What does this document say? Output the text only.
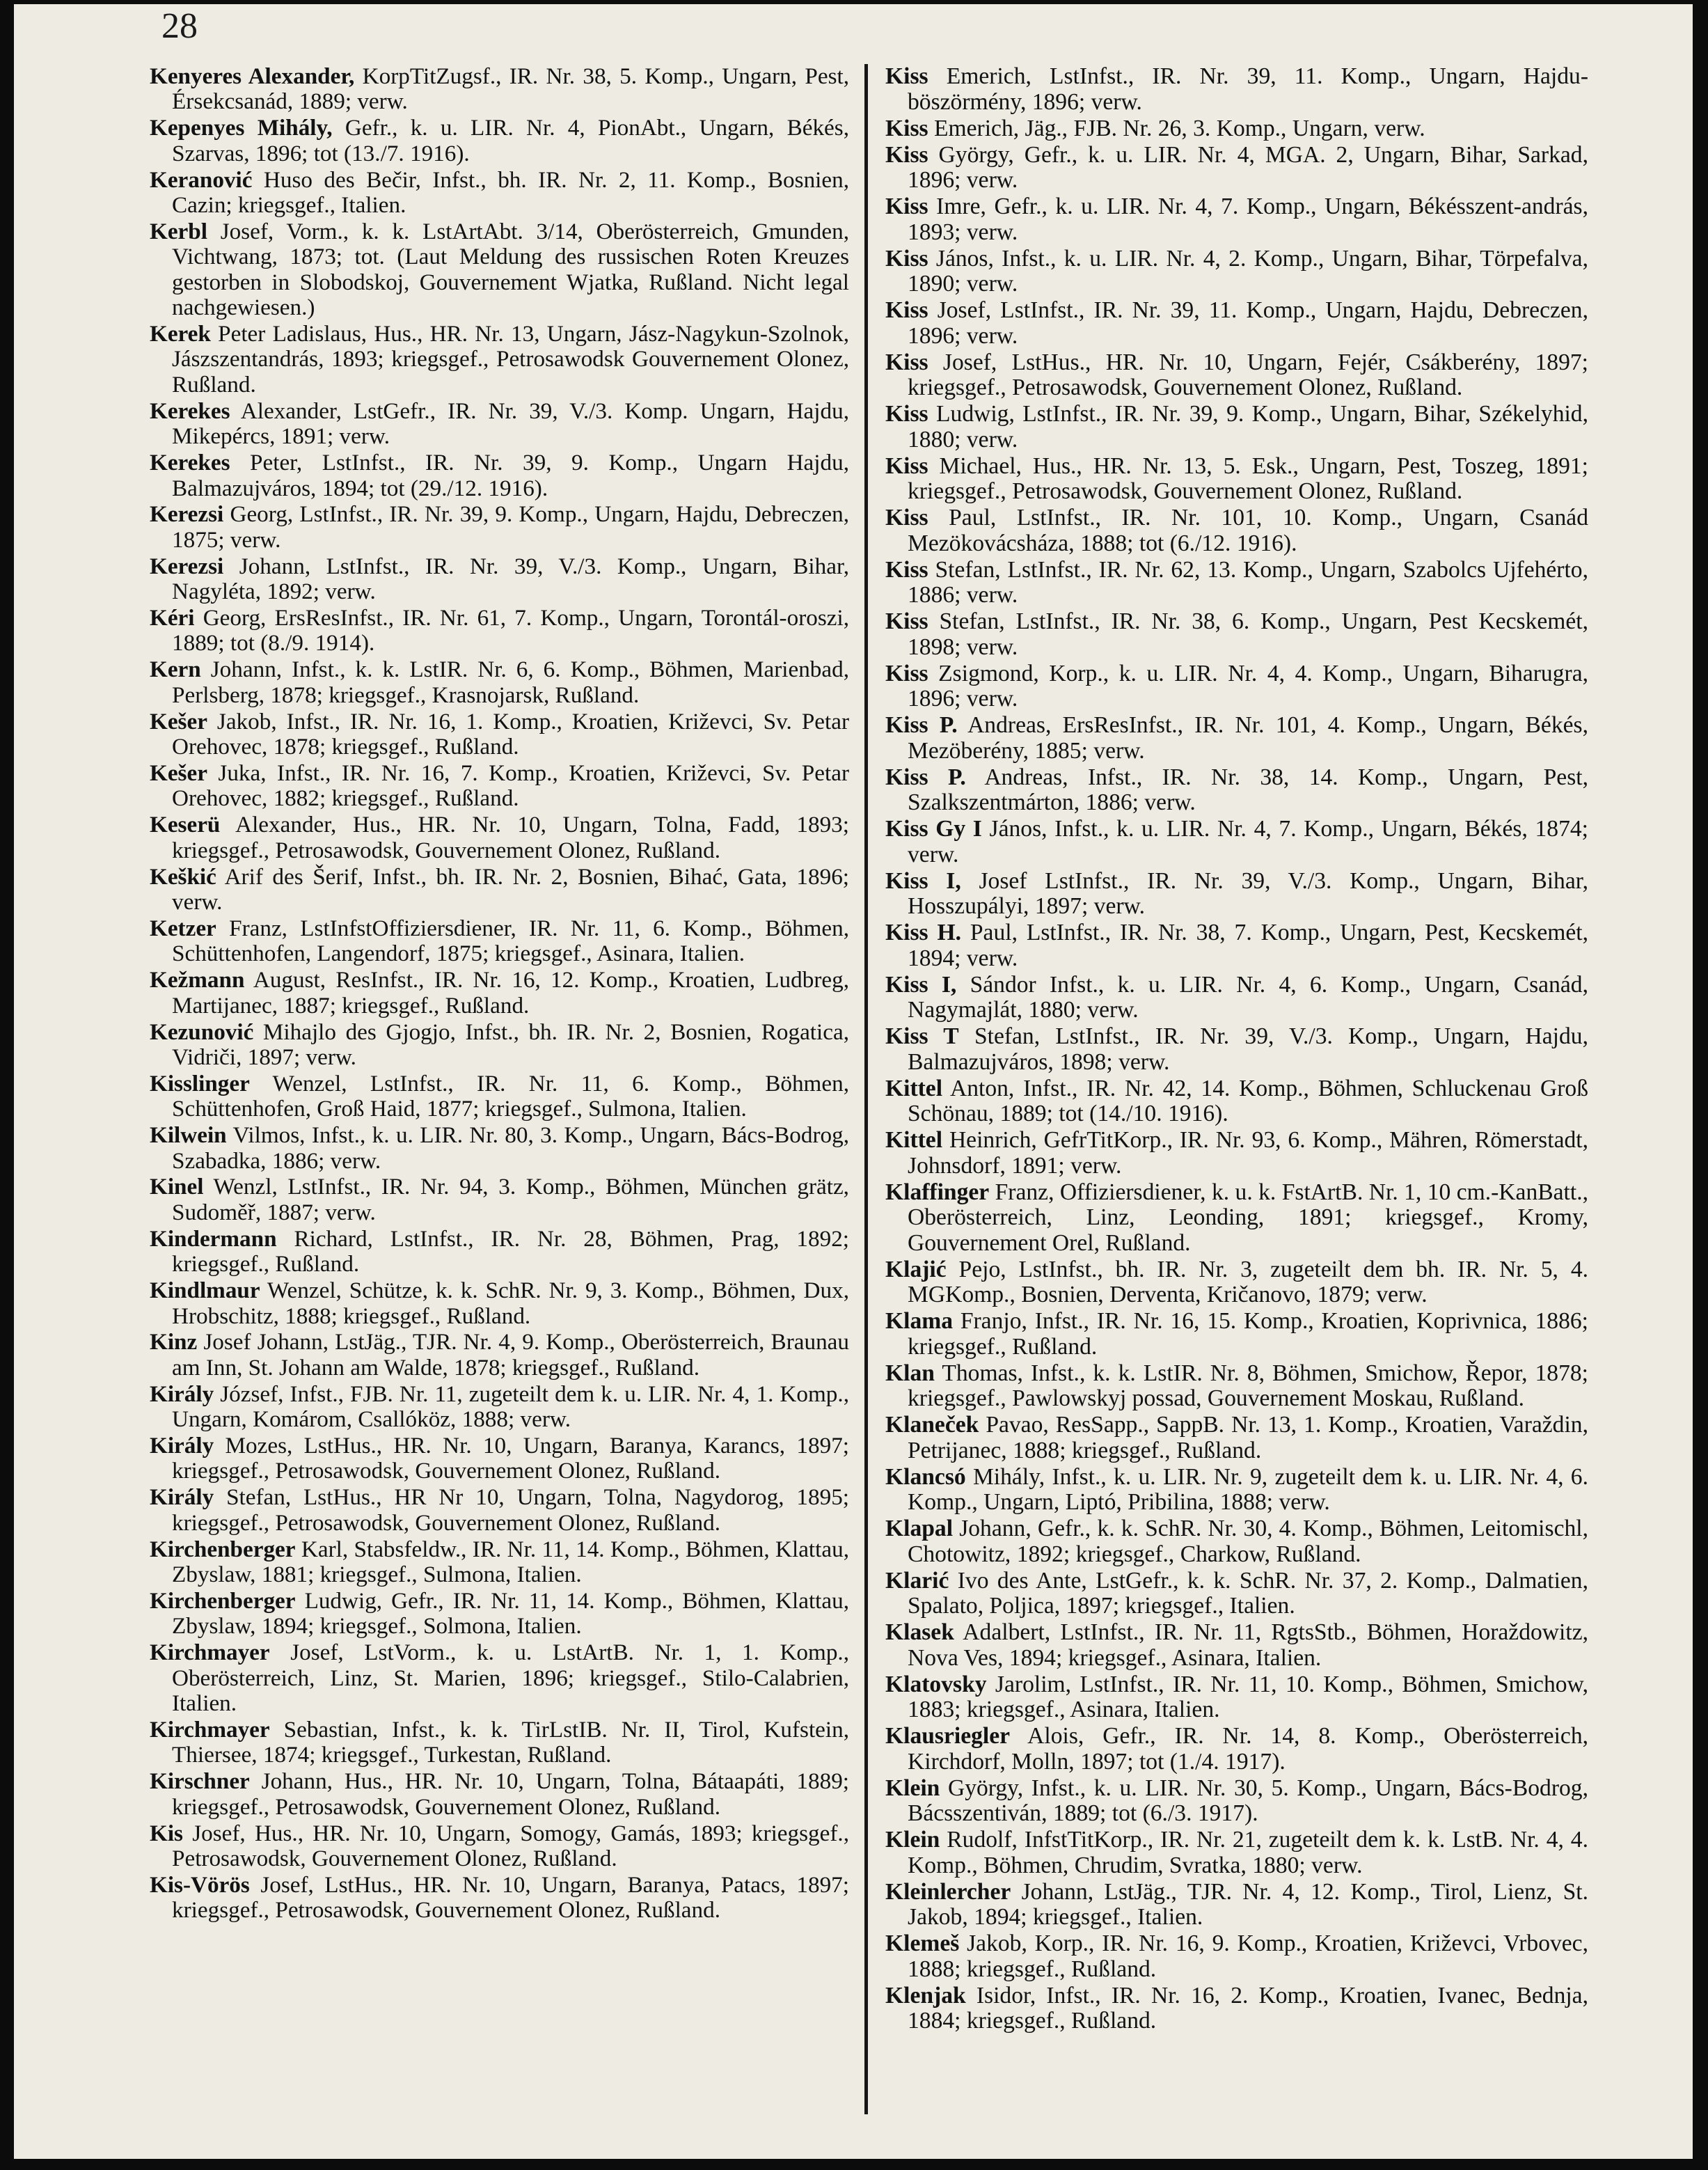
28

Kenyeres Alexander, KorpTitZugsf., IR. Nr. 38, 5. Komp., Ungarn, Pest, Érsekcsanád, 1889; verw.

Kepenyes Mihály, Gefr., k. u. LIR. Nr. 4, PionAbt., Ungarn, Békés, Szarvas, 1896; tot (13./7. 1916).

Keranović Huso des Bečir, Infst., bh. IR. Nr. 2, 11. Komp., Bosnien, Cazin; kriegsgef., Italien.

Kerbl Josef, Vorm., k. k. LstArtAbt. 3/14, Oberösterreich, Gmunden, Vichtwang, 1873; tot. (Laut Meldung des russischen Roten Kreuzes gestorben in Slobodskoj, Gouvernement Wjatka, Rußland. Nicht legal nachgewiesen.)

Kerek Peter Ladislaus, Hus., HR. Nr. 13, Ungarn, Jász-Nagykun-Szolnok, Jászszentandrás, 1893; kriegsgef., Petrosawodsk Gouvernement Olonez, Rußland.

Kerekes Alexander, LstGefr., IR. Nr. 39, V./3. Komp. Ungarn, Hajdu, Mikepércs, 1891; verw.

Kerekes Peter, LstInfst., IR. Nr. 39, 9. Komp., Ungarn Hajdu, Balmazujváros, 1894; tot (29./12. 1916).

Kerezsi Georg, LstInfst., IR. Nr. 39, 9. Komp., Ungarn, Hajdu, Debreczen, 1875; verw.

Kerezsi Johann, LstInfst., IR. Nr. 39, V./3. Komp., Ungarn, Bihar, Nagyléta, 1892; verw.

Kéri Georg, ErsResInfst., IR. Nr. 61, 7. Komp., Ungarn, Torontál-oroszi, 1889; tot (8./9. 1914).

Kern Johann, Infst., k. k. LstIR. Nr. 6, 6. Komp., Böhmen, Marienbad, Perlsberg, 1878; kriegsgef., Krasnojarsk, Rußland.

Kešer Jakob, Infst., IR. Nr. 16, 1. Komp., Kroatien, Križevci, Sv. Petar Orehovec, 1878; kriegsgef., Rußland.

Kešer Juka, Infst., IR. Nr. 16, 7. Komp., Kroatien, Križevci, Sv. Petar Orehovec, 1882; kriegsgef., Rußland.

Keserü Alexander, Hus., HR. Nr. 10, Ungarn, Tolna, Fadd, 1893; kriegsgef., Petrosawodsk, Gouvernement Olonez, Rußland.

Keškić Arif des Šerif, Infst., bh. IR. Nr. 2, Bosnien, Bihać, Gata, 1896; verw.

Ketzer Franz, LstInfstOffiziersdiener, IR. Nr. 11, 6. Komp., Böhmen, Schüttenhofen, Langendorf, 1875; kriegsgef., Asinara, Italien.

Kežmann August, ResInfst., IR. Nr. 16, 12. Komp., Kroatien, Ludbreg, Martijanec, 1887; kriegsgef., Rußland.

Kezunović Mihajlo des Gjogjo, Infst., bh. IR. Nr. 2, Bosnien, Rogatica, Vidriči, 1897; verw.

Kisslinger Wenzel, LstInfst., IR. Nr. 11, 6. Komp., Böhmen, Schüttenhofen, Groß Haid, 1877; kriegsgef., Sulmona, Italien.

Kilwein Vilmos, Infst., k. u. LIR. Nr. 80, 3. Komp., Ungarn, Bács-Bodrog, Szabadka, 1886; verw.

Kinel Wenzl, LstInfst., IR. Nr. 94, 3. Komp., Böhmen, München grätz, Sudoměř, 1887; verw.

Kindermann Richard, LstInfst., IR. Nr. 28, Böhmen, Prag, 1892; kriegsgef., Rußland.

Kindlmaur Wenzel, Schütze, k. k. SchR. Nr. 9, 3. Komp., Böhmen, Dux, Hrobschitz, 1888; kriegsgef., Rußland.

Kinz Josef Johann, LstJäg., TJR. Nr. 4, 9. Komp., Oberösterreich, Braunau am Inn, St. Johann am Walde, 1878; kriegsgef., Rußland.

Király József, Infst., FJB. Nr. 11, zugeteilt dem k. u. LIR. Nr. 4, 1. Komp., Ungarn, Komárom, Csallóköz, 1888; verw.

Király Mozes, LstHus., HR. Nr. 10, Ungarn, Baranya, Karancs, 1897; kriegsgef., Petrosawodsk, Gouvernement Olonez, Rußland.

Király Stefan, LstHus., HR Nr 10, Ungarn, Tolna, Nagydorog, 1895; kriegsgef., Petrosawodsk, Gouvernement Olonez, Rußland.

Kirchenberger Karl, Stabsfeldw., IR. Nr. 11, 14. Komp., Böhmen, Klattau, Zbyslaw, 1881; kriegsgef., Sulmona, Italien.

Kirchenberger Ludwig, Gefr., IR. Nr. 11, 14. Komp., Böhmen, Klattau, Zbyslaw, 1894; kriegsgef., Solmona, Italien.

Kirchmayer Josef, LstVorm., k. u. LstArtB. Nr. 1, 1. Komp., Oberösterreich, Linz, St. Marien, 1896; kriegsgef., Stilo-Calabrien, Italien.

Kirchmayer Sebastian, Infst., k. k. TirLstIB. Nr. II, Tirol, Kufstein, Thiersee, 1874; kriegsgef., Turkestan, Rußland.

Kirschner Johann, Hus., HR. Nr. 10, Ungarn, Tolna, Bátaapáti, 1889; kriegsgef., Petrosawodsk, Gouvernement Olonez, Rußland.

Kis Josef, Hus., HR. Nr. 10, Ungarn, Somogy, Gamás, 1893; kriegsgef., Petrosawodsk, Gouvernement Olonez, Rußland.

Kis-Vörös Josef, LstHus., HR. Nr. 10, Ungarn, Baranya, Patacs, 1897; kriegsgef., Petrosawodsk, Gouvernement Olonez, Rußland.

Kiss Emerich, LstInfst., IR. Nr. 39, 11. Komp., Ungarn, Hajdu-böszörmény, 1896; verw.

Kiss Emerich, Jäg., FJB. Nr. 26, 3. Komp., Ungarn, verw.

Kiss György, Gefr., k. u. LIR. Nr. 4, MGA. 2, Ungarn, Bihar, Sarkad, 1896; verw.

Kiss Imre, Gefr., k. u. LIR. Nr. 4, 7. Komp., Ungarn, Békésszent-andrás, 1893; verw.

Kiss János, Infst., k. u. LIR. Nr. 4, 2. Komp., Ungarn, Bihar, Törpefalva, 1890; verw.

Kiss Josef, LstInfst., IR. Nr. 39, 11. Komp., Ungarn, Hajdu, Debreczen, 1896; verw.

Kiss Josef, LstHus., HR. Nr. 10, Ungarn, Fejér, Csákberény, 1897; kriegsgef., Petrosawodsk, Gouvernement Olonez, Rußland.

Kiss Ludwig, LstInfst., IR. Nr. 39, 9. Komp., Ungarn, Bihar, Székelyhid, 1880; verw.

Kiss Michael, Hus., HR. Nr. 13, 5. Esk., Ungarn, Pest, Toszeg, 1891; kriegsgef., Petrosawodsk, Gouvernement Olonez, Rußland.

Kiss Paul, LstInfst., IR. Nr. 101, 10. Komp., Ungarn, Csanád Mezökovácsháza, 1888; tot (6./12. 1916).

Kiss Stefan, LstInfst., IR. Nr. 62, 13. Komp., Ungarn, Szabolcs Ujfehérto, 1886; verw.

Kiss Stefan, LstInfst., IR. Nr. 38, 6. Komp., Ungarn, Pest Kecskemét, 1898; verw.

Kiss Zsigmond, Korp., k. u. LIR. Nr. 4, 4. Komp., Ungarn, Biharugra, 1896; verw.

Kiss P. Andreas, ErsResInfst., IR. Nr. 101, 4. Komp., Ungarn, Békés, Mezöberény, 1885; verw.

Kiss P. Andreas, Infst., IR. Nr. 38, 14. Komp., Ungarn, Pest, Szalkszentmárton, 1886; verw.

Kiss Gy I János, Infst., k. u. LIR. Nr. 4, 7. Komp., Ungarn, Békés, 1874; verw.

Kiss I, Josef LstInfst., IR. Nr. 39, V./3. Komp., Ungarn, Bihar, Hosszupályi, 1897; verw.

Kiss H. Paul, LstInfst., IR. Nr. 38, 7. Komp., Ungarn, Pest, Kecskemét, 1894; verw.

Kiss I, Sándor Infst., k. u. LIR. Nr. 4, 6. Komp., Ungarn, Csanád, Nagymajlát, 1880; verw.

Kiss T Stefan, LstInfst., IR. Nr. 39, V./3. Komp., Ungarn, Hajdu, Balmazujváros, 1898; verw.

Kittel Anton, Infst., IR. Nr. 42, 14. Komp., Böhmen, Schluckenau Groß Schönau, 1889; tot (14./10. 1916).

Kittel Heinrich, GefrTitKorp., IR. Nr. 93, 6. Komp., Mähren, Römerstadt, Johnsdorf, 1891; verw.

Klaffinger Franz, Offiziersdiener, k. u. k. FstArtB. Nr. 1, 10 cm.-KanBatt., Oberösterreich, Linz, Leonding, 1891; kriegsgef., Kromy, Gouvernement Orel, Rußland.

Klajić Pejo, LstInfst., bh. IR. Nr. 3, zugeteilt dem bh. IR. Nr. 5, 4. MGKomp., Bosnien, Derventa, Kričanovo, 1879; verw.

Klama Franjo, Infst., IR. Nr. 16, 15. Komp., Kroatien, Koprivnica, 1886; kriegsgef., Rußland.

Klan Thomas, Infst., k. k. LstIR. Nr. 8, Böhmen, Smichow, Řepor, 1878; kriegsgef., Pawlowskyj possad, Gouvernement Moskau, Rußland.

Klaneček Pavao, ResSapp., SappB. Nr. 13, 1. Komp., Kroatien, Varaždin, Petrijanec, 1888; kriegsgef., Rußland.

Klancsó Mihály, Infst., k. u. LIR. Nr. 9, zugeteilt dem k. u. LIR. Nr. 4, 6. Komp., Ungarn, Liptó, Pribilina, 1888; verw.

Klapal Johann, Gefr., k. k. SchR. Nr. 30, 4. Komp., Böhmen, Leitomischl, Chotowitz, 1892; kriegsgef., Charkow, Rußland.

Klarić Ivo des Ante, LstGefr., k. k. SchR. Nr. 37, 2. Komp., Dalmatien, Spalato, Poljica, 1897; kriegsgef., Italien.

Klasek Adalbert, LstInfst., IR. Nr. 11, RgtsStb., Böhmen, Horaždowitz, Nova Ves, 1894; kriegsgef., Asinara, Italien.

Klatovsky Jarolim, LstInfst., IR. Nr. 11, 10. Komp., Böhmen, Smichow, 1883; kriegsgef., Asinara, Italien.

Klausriegler Alois, Gefr., IR. Nr. 14, 8. Komp., Oberösterreich, Kirchdorf, Molln, 1897; tot (1./4. 1917).

Klein György, Infst., k. u. LIR. Nr. 30, 5. Komp., Ungarn, Bács-Bodrog, Bácsszentiván, 1889; tot (6./3. 1917).

Klein Rudolf, InfstTitKorp., IR. Nr. 21, zugeteilt dem k. k. LstB. Nr. 4, 4. Komp., Böhmen, Chrudim, Svratka, 1880; verw.

Kleinlercher Johann, LstJäg., TJR. Nr. 4, 12. Komp., Tirol, Lienz, St. Jakob, 1894; kriegsgef., Italien.

Klemeš Jakob, Korp., IR. Nr. 16, 9. Komp., Kroatien, Križevci, Vrbovec, 1888; kriegsgef., Rußland.

Klenjak Isidor, Infst., IR. Nr. 16, 2. Komp., Kroatien, Ivanec, Bednja, 1884; kriegsgef., Rußland.
